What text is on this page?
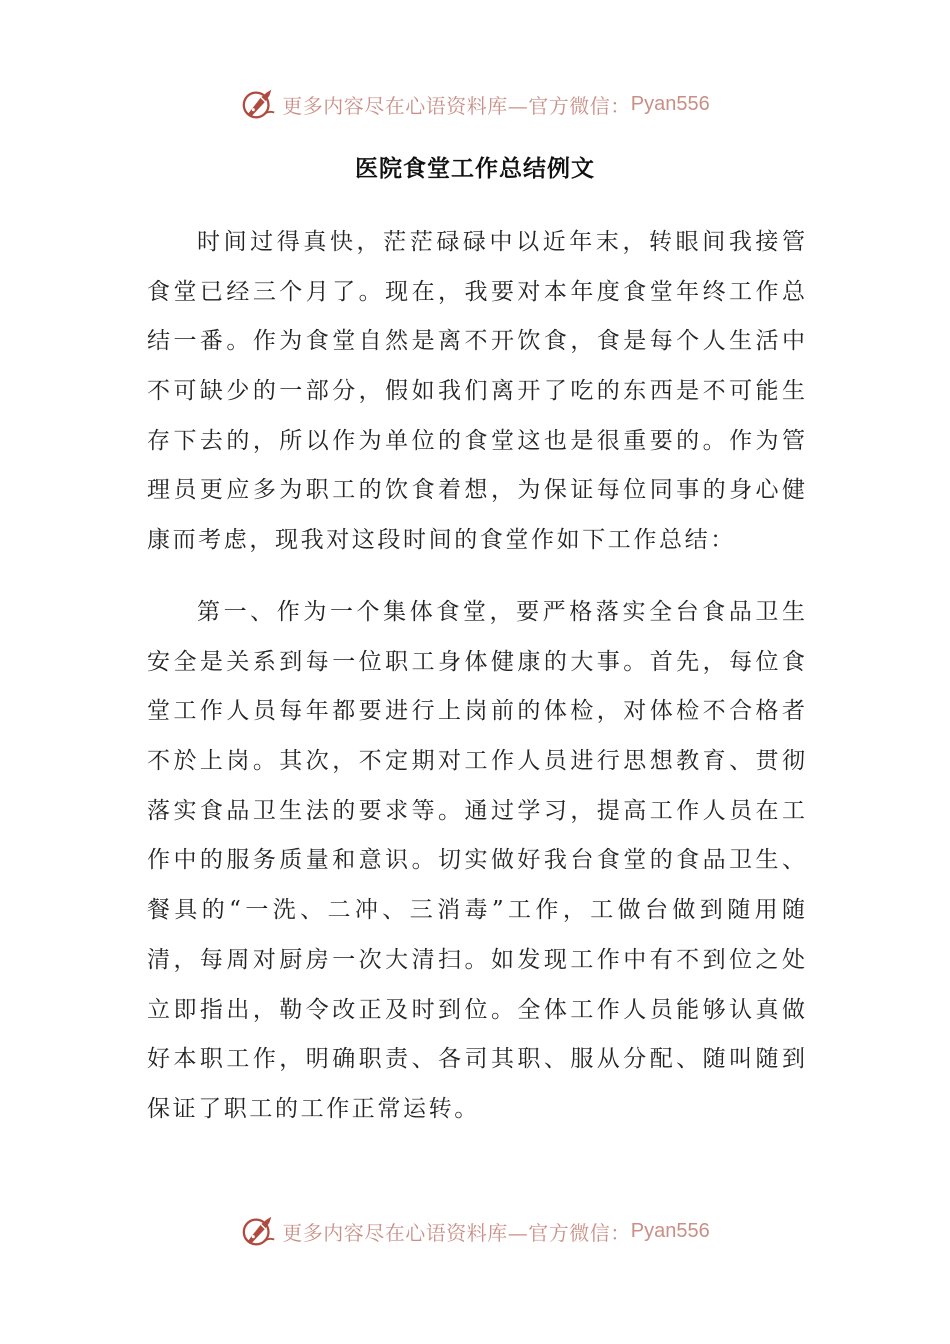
更多内容尽在心语资料库—官方微信： Pyan556
医院食堂工作总结例文
时间过得真快，茫茫碌碌中以近年末，转眼间我接管
食堂已经三个月了。现在，我要对本年度食堂年终工作总
结一番。作为食堂自然是离不开饮食，食是每个人生活中
不可缺少的一部分，假如我们离开了吃的东西是不可能生
存下去的，所以作为单位的食堂这也是很重要的。作为管
理员更应多为职工的饮食着想，为保证每位同事的身心健
康而考虑，现我对这段时间的食堂作如下工作总结：
第一、作为一个集体食堂，要严格落实全台食品卫生
安全是关系到每一位职工身体健康的大事。首先，每位食
堂工作人员每年都要进行上岗前的体检，对体检不合格者
不於上岗。其次，不定期对工作人员进行思想教育、贯彻
落实食品卫生法的要求等。通过学习，提高工作人员在工
作中的服务质量和意识。切实做好我台食堂的食品卫生、
餐具的“一洗、二冲、三消毒”工作，工做台做到随用随
清，每周对厨房一次大清扫。如发现工作中有不到位之处
立即指出，勒令改正及时到位。全体工作人员能够认真做
好本职工作，明确职责、各司其职、服从分配、随叫随到
保证了职工的工作正常运转。
更多内容尽在心语资料库—官方微信： Pyan556
